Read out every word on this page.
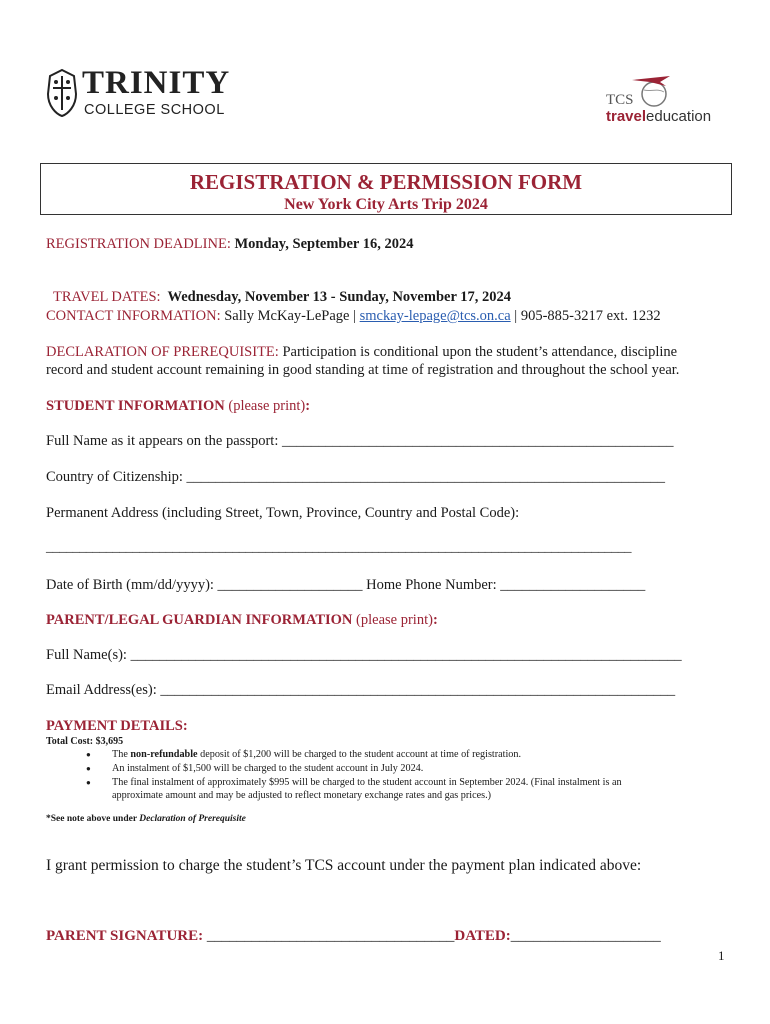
TRINITY
COLLEGE SCHOOL
TCS
traveleducation
REGISTRATION & PERMISSION FORM
New York City Arts Trip 2024
REGISTRATION DEADLINE: Monday, September 16, 2024

TRAVEL DATES:  Wednesday, November 13 - Sunday, November 17, 2024

CONTACT INFORMATION: Sally McKay-LePage | smckay-lepage@tcs.on.ca | 905-885-3217 ext. 1232
DECLARATION OF PREREQUISITE: Participation is conditional upon the student’s attendance, discipline
record and student account remaining in good standing at time of registration and throughout the school year.
STUDENT INFORMATION (please print):
Full Name as it appears on the passport: ______________________________________________________
Country of Citizenship: __________________________________________________________________
Permanent Address (including Street, Town, Province, Country and Postal Code):
________________________________________________________________________________________
Date of Birth (mm/dd/yyyy): ____________________ Home Phone Number: ____________________
PARENT/LEGAL GUARDIAN INFORMATION (please print):
Full Name(s): ____________________________________________________________________________
Email Address(es): _______________________________________________________________________
PAYMENT DETAILS:
Total Cost: $3,695
● The non-refundable deposit of $1,200 will be charged to the student account at time of registration.
● An instalment of $1,500 will be charged to the student account in July 2024.
● The final instalment of approximately $995 will be charged to the student account in September 2024. (Final instalment is an
approximate amount and may be adjusted to reflect monetary exchange rates and gas prices.)
*See note above under Declaration of Prerequisite
I grant permission to charge the student’s TCS account under the payment plan indicated above:
PARENT SIGNATURE: _________________________________DATED:____________________
1
